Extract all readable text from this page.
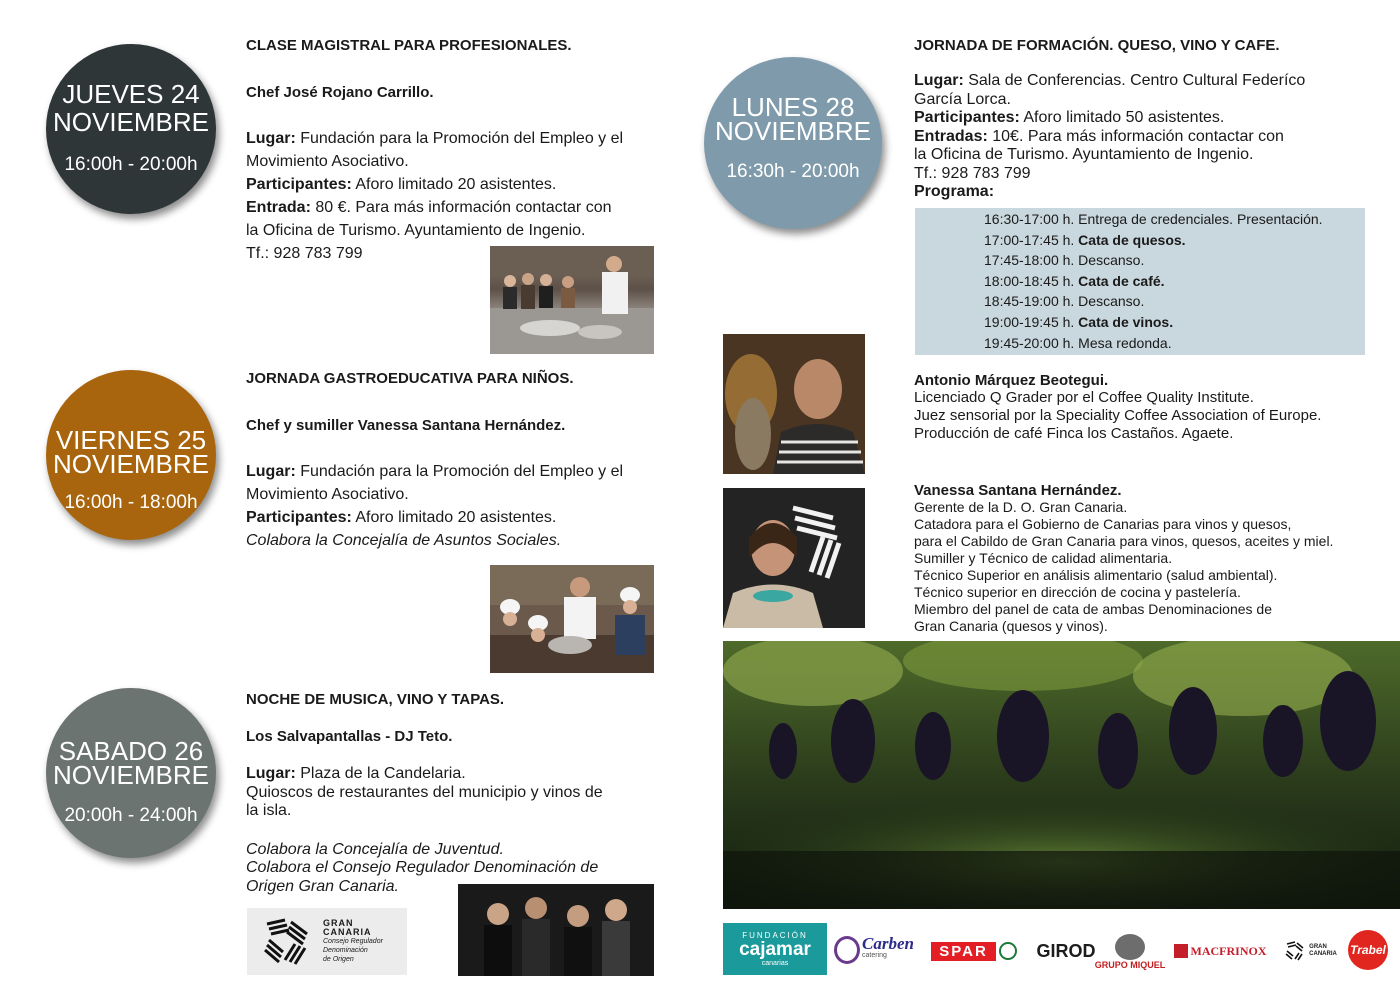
JUEVES 24
NOVIEMBRE
16:00h - 20:00h
CLASE MAGISTRAL PARA PROFESIONALES.
Chef José Rojano Carrillo.
Lugar: Fundación para la Promoción del Empleo y el
Movimiento Asociativo.
Participantes: Aforo limitado 20 asistentes.
Entrada: 80 €. Para más información contactar con
la Oficina de Turismo. Ayuntamiento de Ingenio.
Tf.: 928 783 799
VIERNES 25
NOVIEMBRE
16:00h - 18:00h
JORNADA GASTROEDUCATIVA PARA NIÑOS.
Chef y sumiller Vanessa Santana Hernández.
Lugar: Fundación para la Promoción del Empleo y el
Movimiento Asociativo.
Participantes: Aforo limitado 20 asistentes.
Colabora la Concejalía de Asuntos Sociales.
SABADO 26
NOVIEMBRE
20:00h - 24:00h
NOCHE DE MUSICA, VINO Y TAPAS.
Los Salvapantallas - DJ Teto.
Lugar: Plaza de la Candelaria.
Quioscos de restaurantes del municipio y vinos de
la isla.
Colabora la Concejalía de Juventud.
Colabora el Consejo Regulador Denominación de
Origen Gran Canaria.
GRAN
CANARIA
Consejo Regulador
Denominación
de Origen
LUNES 28
NOVIEMBRE
16:30h - 20:00h
JORNADA DE FORMACIÓN. QUESO, VINO Y CAFE.
Lugar: Sala de Conferencias. Centro Cultural Federíco
García Lorca.
Participantes: Aforo limitado 50 asistentes.
Entradas: 10€. Para más información contactar con
la Oficina de Turismo. Ayuntamiento de Ingenio.
Tf.: 928 783 799
Programa:
16:30-17:00 h. Entrega de credenciales. Presentación.
17:00-17:45 h. Cata de quesos.
17:45-18:00 h. Descanso.
18:00-18:45 h. Cata de café.
18:45-19:00 h. Descanso.
19:00-19:45 h. Cata de vinos.
19:45-20:00 h. Mesa redonda.
Antonio Márquez Beotegui.
Licenciado Q Grader por el Coffee Quality Institute.
Juez sensorial por la Speciality Coffee Association of Europe.
Producción de café Finca los Castaños. Agaete.
Vanessa Santana Hernández.
Gerente de la D. O. Gran Canaria.
Catadora para el Gobierno de Canarias para vinos y quesos,
para el Cabildo de Gran Canaria para vinos, quesos, aceites y miel.
Sumiller y Técnico de calidad alimentaria.
Técnico Superior en análisis alimentario (salud ambiental).
Técnico superior en dirección de cocina y pastelería.
Miembro del panel de cata de ambas Denominaciones de
Gran Canaria (quesos y vinos).
FUNDACIÓN
cajamar
canarias
Carben
catering	SPAR	GIROD
GRUPO MIQUEL
MACFRINOX	GRAN
CANARIA Trabel
